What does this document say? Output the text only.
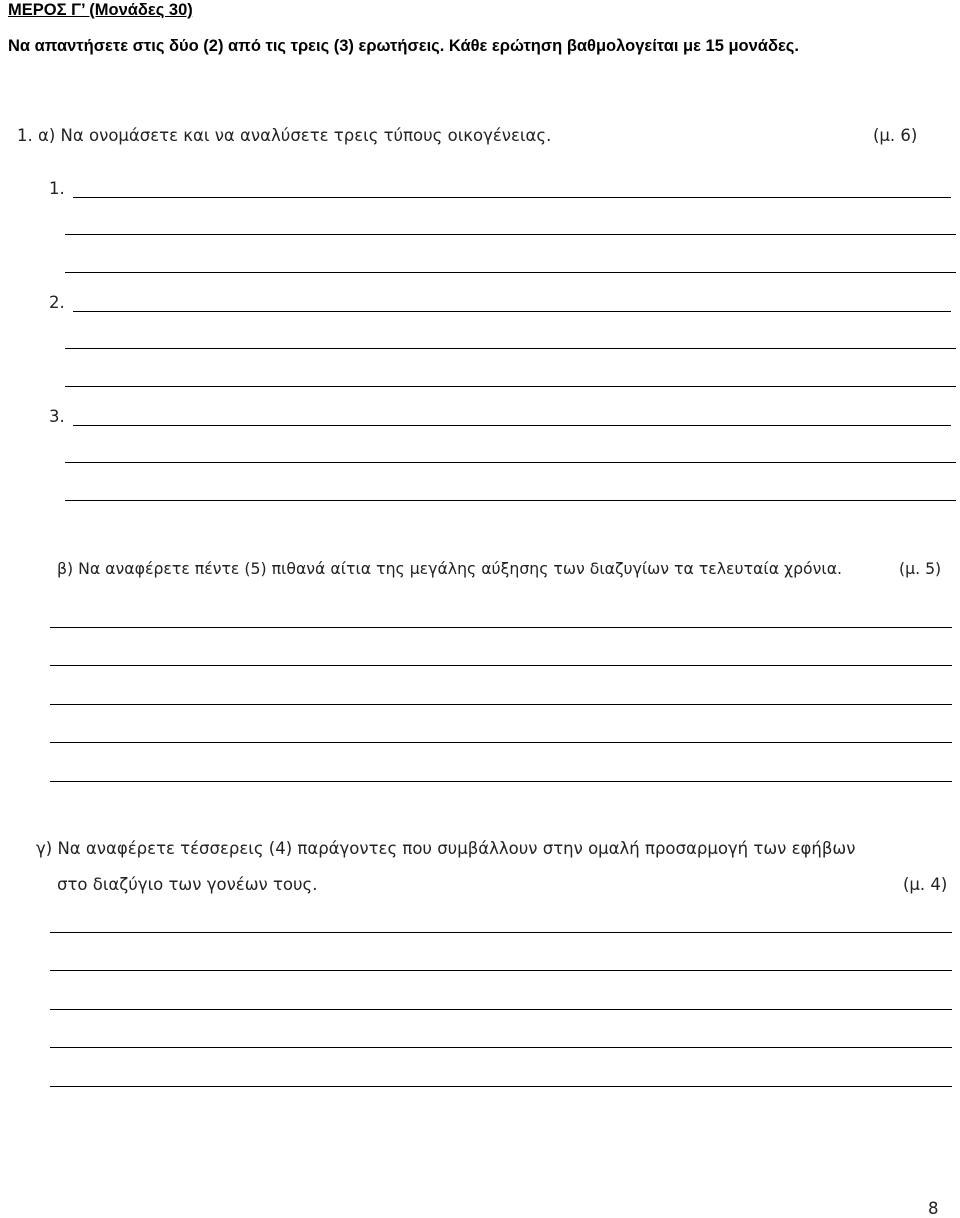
ΜΕΡΟΣ Γ’ (Μονάδες 30)
Να απαντήσετε στις δύο (2) από τις τρεις (3) ερωτήσεις. Κάθε ερώτηση βαθμολογείται με 15 μονάδες.
1. α) Να ονομάσετε και να αναλύσετε τρεις τύπους οικογένειας.	(μ. 6)
1.
2.
3.
β) Να αναφέρετε πέντε (5) πιθανά αίτια της μεγάλης αύξησης των διαζυγίων τα τελευταία χρόνια.	(μ. 5)
γ) Να αναφέρετε τέσσερεις (4) παράγοντες που συμβάλλουν στην ομαλή προσαρμογή των εφήβων
στο διαζύγιο των γονέων τους.	(μ. 4)
8
